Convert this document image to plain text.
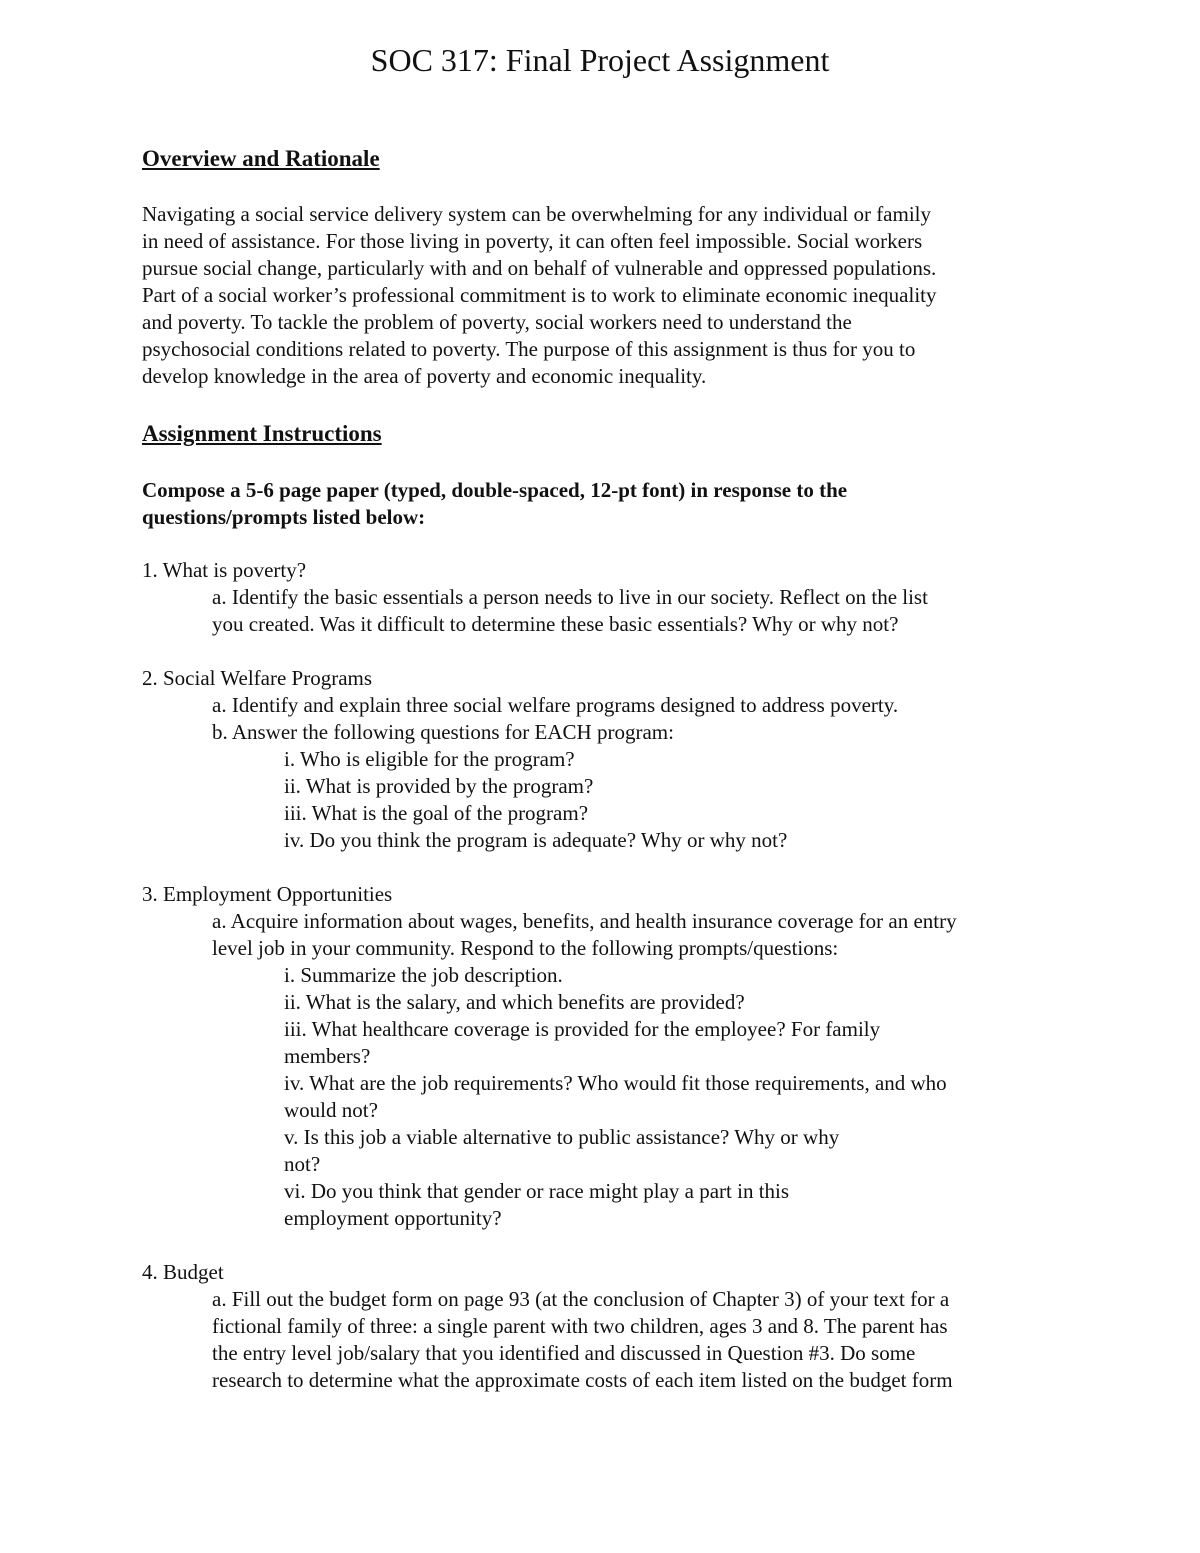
SOC 317: Final Project Assignment
Overview and Rationale
Navigating a social service delivery system can be overwhelming for any individual or family
in need of assistance. For those living in poverty, it can often feel impossible. Social workers
pursue social change, particularly with and on behalf of vulnerable and oppressed populations.
Part of a social worker’s professional commitment is to work to eliminate economic inequality
and poverty. To tackle the problem of poverty, social workers need to understand the
psychosocial conditions related to poverty. The purpose of this assignment is thus for you to
develop knowledge in the area of poverty and economic inequality.
Assignment Instructions
Compose a 5-6 page paper (typed, double-spaced, 12-pt font) in response to the
questions/prompts listed below:
1. What is poverty?
a. Identify the basic essentials a person needs to live in our society. Reflect on the list
you created. Was it difficult to determine these basic essentials? Why or why not?
2. Social Welfare Programs
a. Identify and explain three social welfare programs designed to address poverty.
b. Answer the following questions for EACH program:
i. Who is eligible for the program?
ii. What is provided by the program?
iii. What is the goal of the program?
iv. Do you think the program is adequate? Why or why not?
3. Employment Opportunities
a. Acquire information about wages, benefits, and health insurance coverage for an entry
level job in your community. Respond to the following prompts/questions:
i. Summarize the job description.
ii. What is the salary, and which benefits are provided?
iii. What healthcare coverage is provided for the employee? For family
members?
iv. What are the job requirements? Who would fit those requirements, and who
would not?
v. Is this job a viable alternative to public assistance? Why or why
not?
vi. Do you think that gender or race might play a part in this
employment opportunity?
4. Budget
a. Fill out the budget form on page 93 (at the conclusion of Chapter 3) of your text for a
fictional family of three: a single parent with two children, ages 3 and 8. The parent has
the entry level job/salary that you identified and discussed in Question #3. Do some
research to determine what the approximate costs of each item listed on the budget form
